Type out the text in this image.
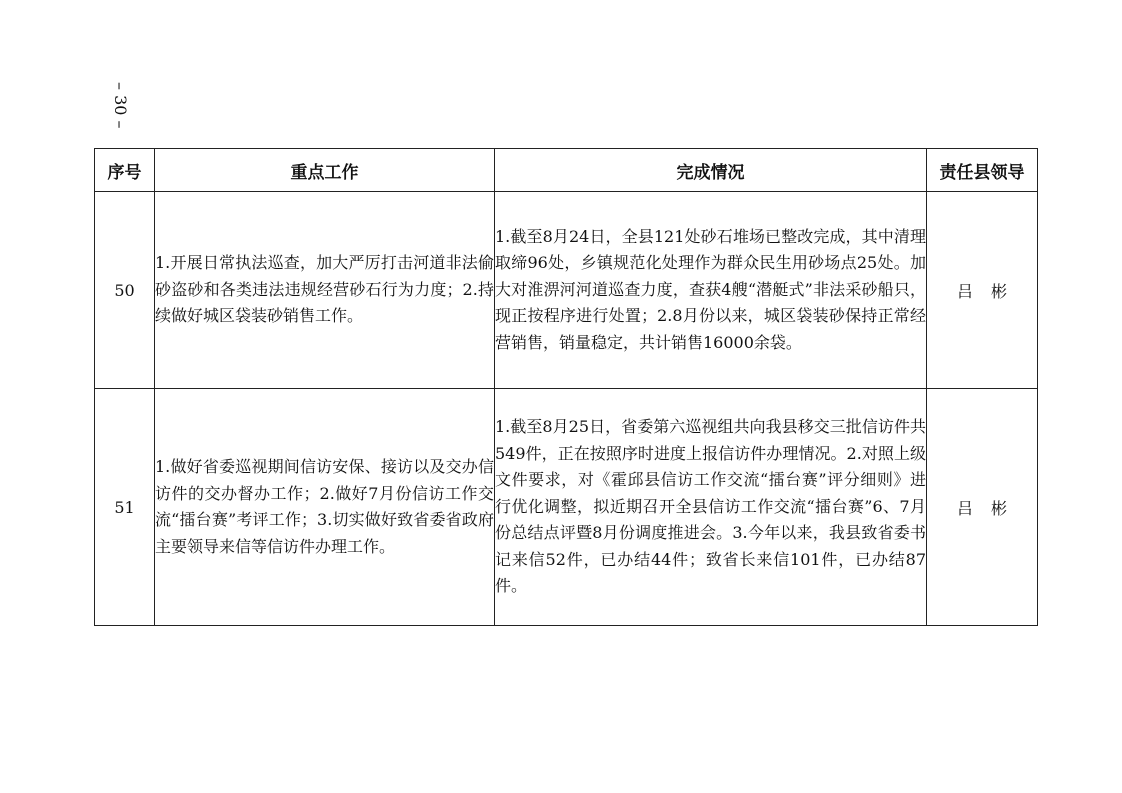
– 30 –
序号	重点工作	完成情况	责任县领导
50	1.开展日常执法巡查，加大严厉打击河道非法偷砂盗砂和各类违法违规经营砂石行为力度；2.持续做好城区袋装砂销售工作。	1.截至8月24日，全县121处砂石堆场已整改完成，其中清理取缔96处，乡镇规范化处理作为群众民生用砂场点25处。加大对淮淠河河道巡查力度，查获4艘“潜艇式”非法采砂船只，现正按程序进行处置；2.8月份以来，城区袋装砂保持正常经营销售，销量稳定，共计销售16000余袋。	吕彬
51	1.做好省委巡视期间信访安保、接访以及交办信访件的交办督办工作；2.做好7月份信访工作交流“擂台赛”考评工作；3.切实做好致省委省政府主要领导来信等信访件办理工作。	1.截至8月25日，省委第六巡视组共向我县移交三批信访件共549件，正在按照序时进度上报信访件办理情况。2.对照上级文件要求，对《霍邱县信访工作交流“擂台赛”评分细则》进行优化调整，拟近期召开全县信访工作交流“擂台赛”6、7月份总结点评暨8月份调度推进会。3.今年以来，我县致省委书记来信52件，已办结44件；致省长来信101件，已办结87件。	吕彬
